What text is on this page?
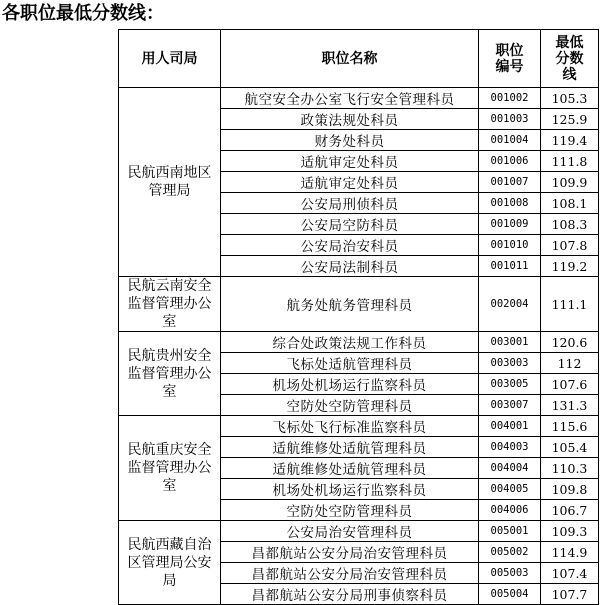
各职位最低分数线：
用人司局	职位名称	职位编号	最低分数线
民航西南地区管理局	航空安全办公室飞行安全管理科员	001002	105.3
	政策法规处科员	001003	125.9
	财务处科员	001004	119.4
	适航审定处科员	001006	111.8
	适航审定处科员	001007	109.9
	公安局刑侦科员	001008	108.1
	公安局空防科员	001009	108.3
	公安局治安科员	001010	107.8
	公安局法制科员	001011	119.2
民航云南安全监督管理办公室	航务处航务管理科员	002004	111.1
民航贵州安全监督管理办公室	综合处政策法规工作科员	003001	120.6
	飞标处适航管理科员	003003	112
	机场处机场运行监察科员	003005	107.6
	空防处空防管理科员	003007	131.3
民航重庆安全监督管理办公室	飞标处飞行标准监察科员	004001	115.6
	适航维修处适航管理科员	004003	105.4
	适航维修处适航管理科员	004004	110.3
	机场处机场运行监察科员	004005	109.8
	空防处空防管理科员	004006	106.7
民航西藏自治区管理局公安局	公安局治安管理科员	005001	109.3
	昌都航站公安分局治安管理科员	005002	114.9
	昌都航站公安分局治安管理科员	005003	107.4
	昌都航站公安分局刑事侦察科员	005004	107.7
